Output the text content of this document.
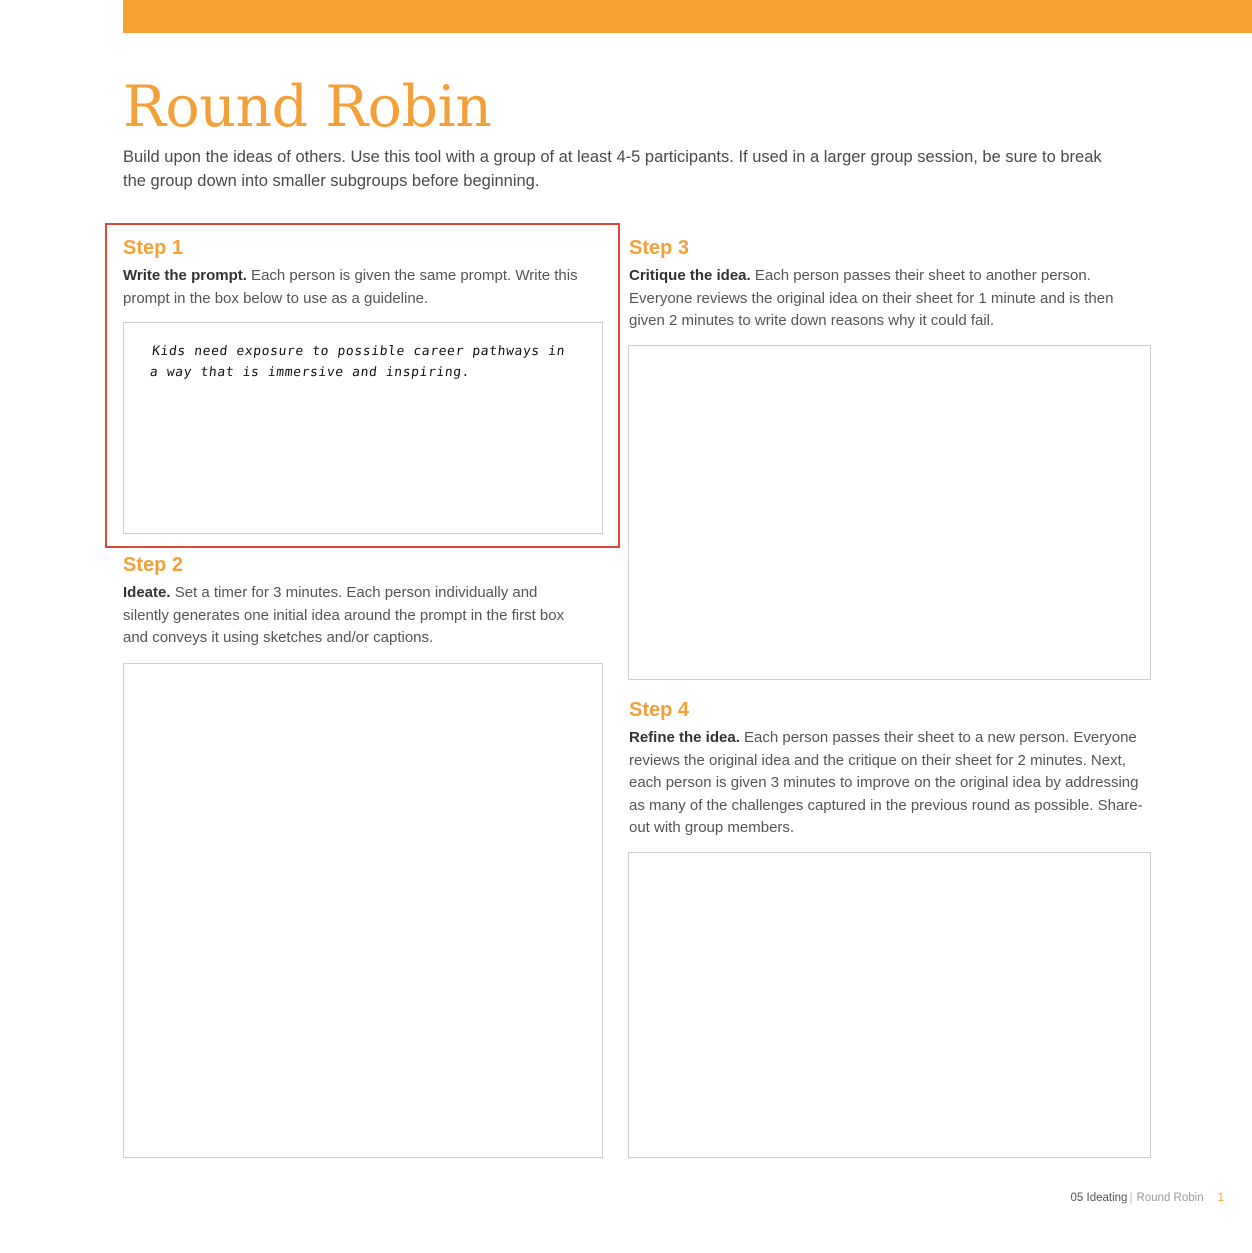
Round Robin

Build upon the ideas of others. Use this tool with a group of at least 4-5 participants. If used in a larger group session, be sure to break the group down into smaller subgroups before beginning.

Step 1

Write the prompt. Each person is given the same prompt. Write this prompt in the box below to use as a guideline.

Kids need exposure to possible career pathways in a way that is immersive and inspiring.

Step 2

Ideate. Set a timer for 3 minutes. Each person individually and silently generates one initial idea around the prompt in the first box and conveys it using sketches and/or captions.

Step 3

Critique the idea. Each person passes their sheet to another person. Everyone reviews the original idea on their sheet for 1 minute and is then given 2 minutes to write down reasons why it could fail.

Step 4

Refine the idea. Each person passes their sheet to a new person. Everyone reviews the original idea and the critique on their sheet for 2 minutes. Next, each person is given 3 minutes to improve on the original idea by addressing as many of the challenges captured in the previous round as possible. Share-out with group members.

05 Ideating | Round Robin 1
